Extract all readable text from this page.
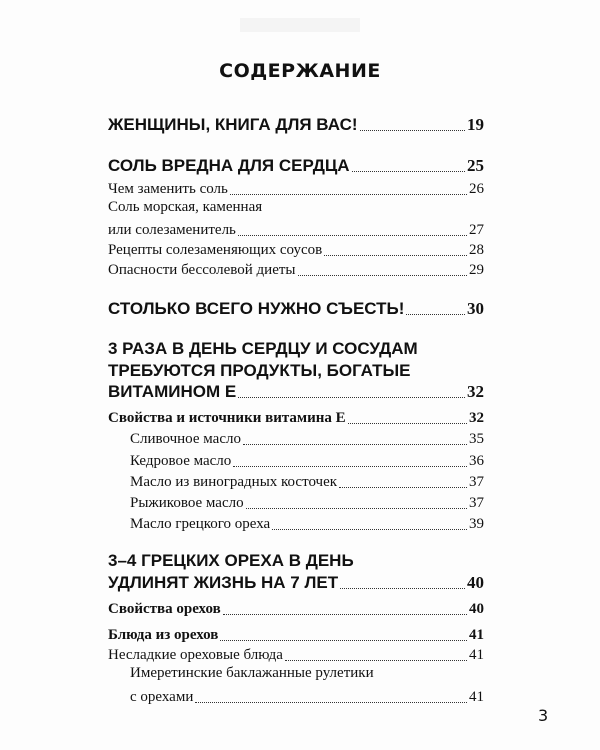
СОДЕРЖАНИЕ
ЖЕНЩИНЫ, КНИГА ДЛЯ ВАС!	19
СОЛЬ ВРЕДНА ДЛЯ СЕРДЦА	25
Чем заменить соль	26
Соль морская, каменная
или солезаменитель	27
Рецепты солезаменяющих соусов	28
Опасности бессолевой диеты	29
СТОЛЬКО ВСЕГО НУЖНО СЪЕСТЬ!	30
3 РАЗА В ДЕНЬ СЕРДЦУ И СОСУДАМ
ТРЕБУЮТСЯ ПРОДУКТЫ, БОГАТЫЕ
ВИТАМИНОМ Е	32
Свойства и источники витамина Е	32
Сливочное масло	35
Кедровое масло	36
Масло из виноградных косточек	37
Рыжиковое масло	37
Масло грецкого ореха	39
3–4 ГРЕЦКИХ ОРЕХА В ДЕНЬ
УДЛИНЯТ ЖИЗНЬ НА 7 ЛЕТ	40
Свойства орехов	40
Блюда из орехов	41
Несладкие ореховые блюда	41
Имеретинские баклажанные рулетики
с орехами	41
3
